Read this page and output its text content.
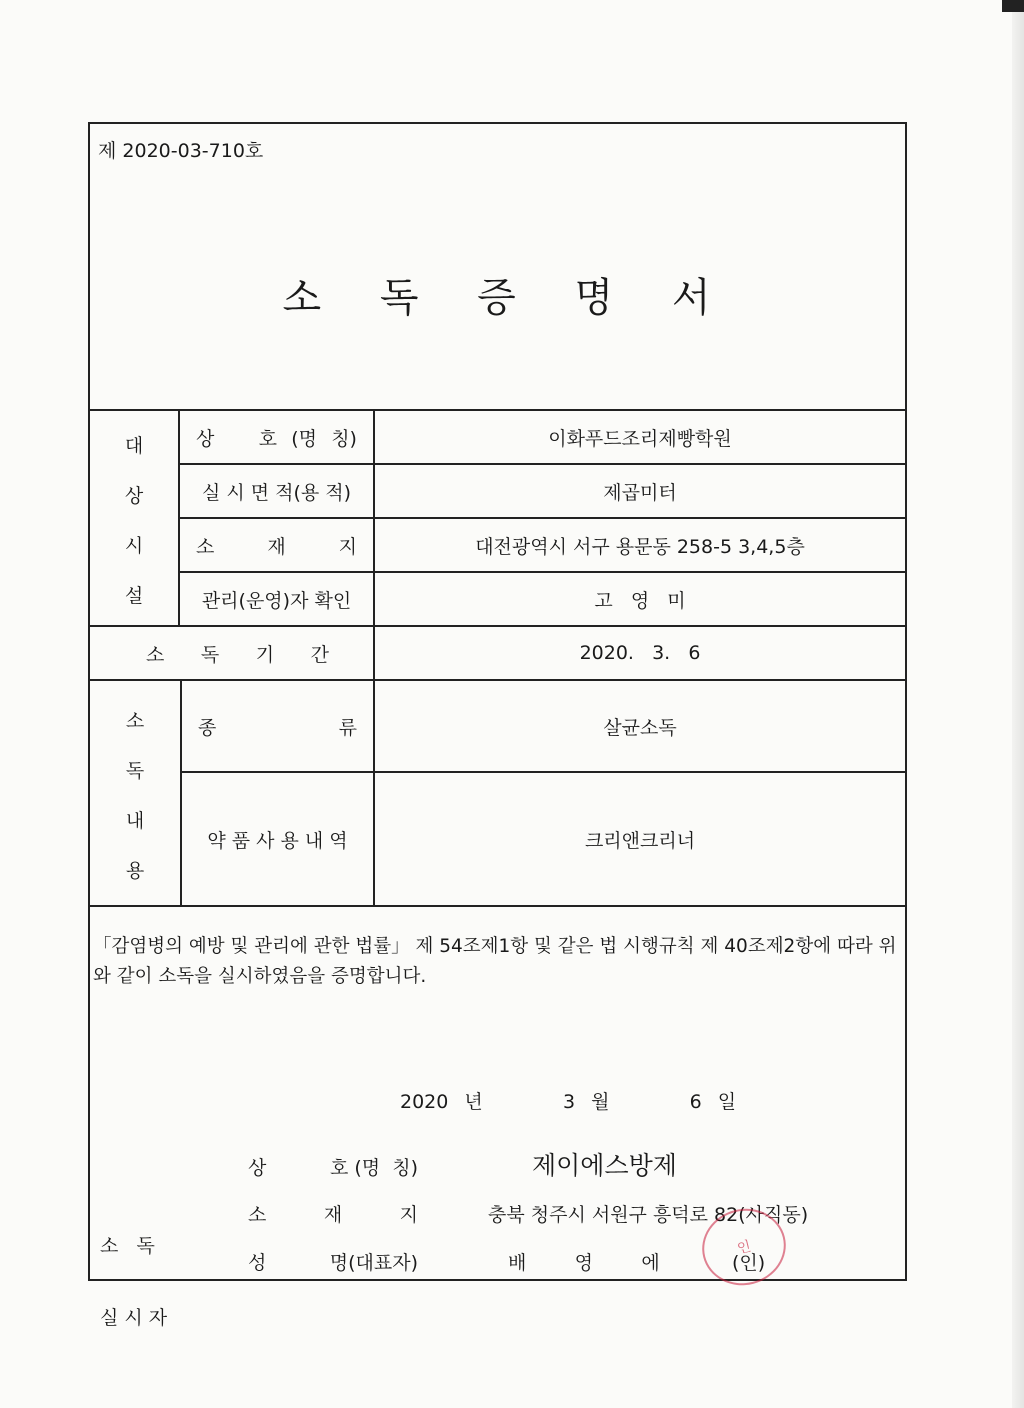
제 2020-03-710호
소 독 증 명 서
대
상
시
설
상 호 (명 칭)	이화푸드조리제빵학원
실 시 면 적(용 적)	제곱미터
소	재	지	대전광역시 서구 용문동 258-5 3,4,5층
관리(운영)자 확인	고   영   미
소 독 기 간	2020.   3.   6
소
독
내
용
종	류	살균소독
약 품 사 용 내 역	크리앤크리너
「감염병의 예방 및 관리에 관한 법률」 제 54조제1항 및 같은 법 시행규칙 제 40조제2항에 따라 위와 같이 소독을 실시하였음을 증명합니다.
2020 년     3 월     6 일

소   독

실 시 자

상	호 (명  칭)	제이에스방제
소	재	지	충북 청주시 서원구 흥덕로 82(사직동)
성	명(대표자)	배        영        에	(인)
인
